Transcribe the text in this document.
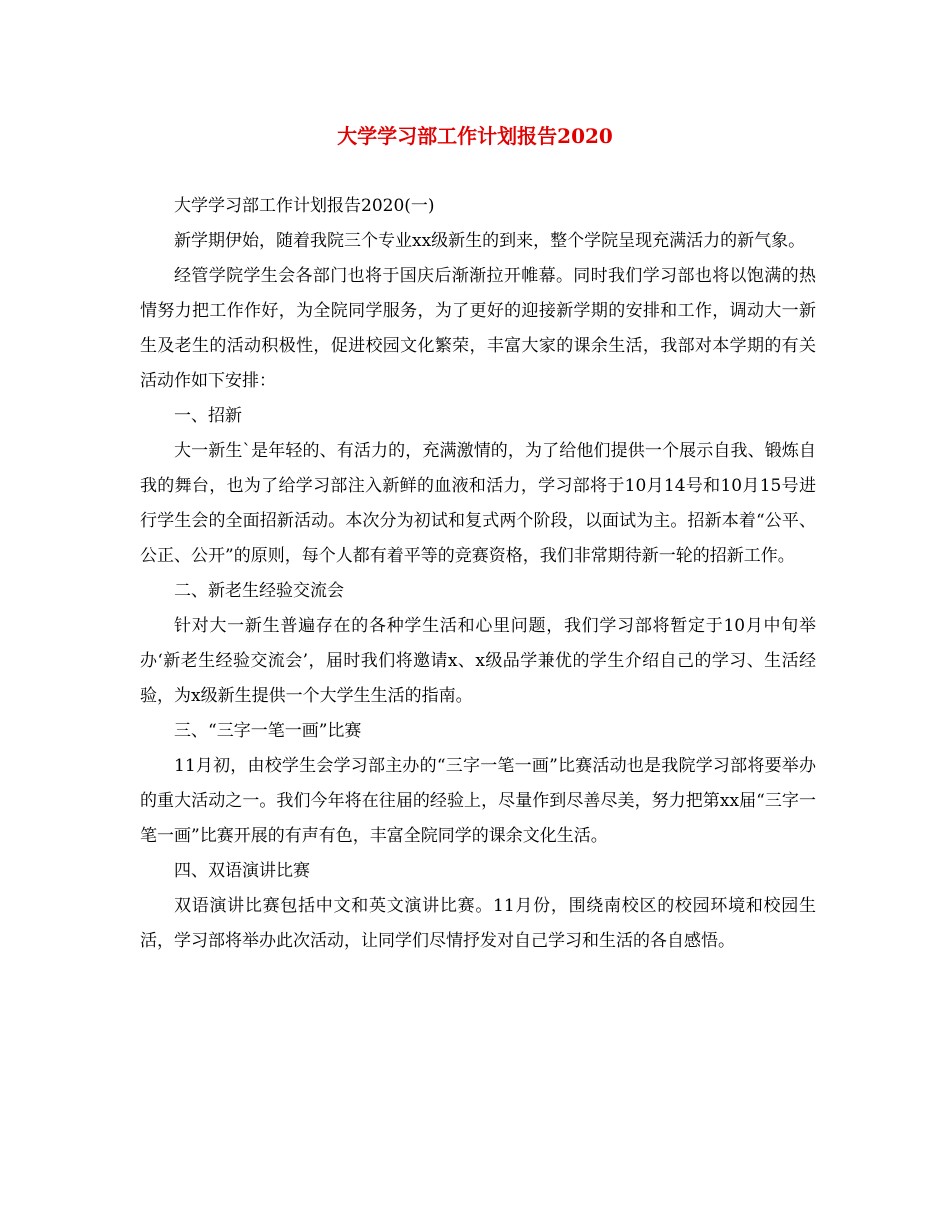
大学学习部工作计划报告2020

大学学习部工作计划报告2020(一)

新学期伊始，随着我院三个专业xx级新生的到来，整个学院呈现充满活力的新气象。

经管学院学生会各部门也将于国庆后渐渐拉开帷幕。同时我们学习部也将以饱满的热情努力把工作作好，为全院同学服务，为了更好的迎接新学期的安排和工作，调动大一新生及老生的活动积极性，促进校园文化繁荣，丰富大家的课余生活，我部对本学期的有关活动作如下安排：

一、招新

大一新生`是年轻的、有活力的，充满激情的，为了给他们提供一个展示自我、锻炼自我的舞台，也为了给学习部注入新鲜的血液和活力，学习部将于10月14号和10月15号进行学生会的全面招新活动。本次分为初试和复式两个阶段，以面试为主。招新本着“公平、公正、公开”的原则，每个人都有着平等的竞赛资格，我们非常期待新一轮的招新工作。

二、新老生经验交流会

针对大一新生普遍存在的各种学生活和心里问题，我们学习部将暂定于10月中旬举办‘新老生经验交流会’，届时我们将邀请x、x级品学兼优的学生介绍自己的学习、生活经验，为x级新生提供一个大学生生活的指南。

三、“三字一笔一画”比赛

11月初，由校学生会学习部主办的“三字一笔一画”比赛活动也是我院学习部将要举办的重大活动之一。我们今年将在往届的经验上，尽量作到尽善尽美，努力把第xx届“三字一笔一画”比赛开展的有声有色，丰富全院同学的课余文化生活。

四、双语演讲比赛

双语演讲比赛包括中文和英文演讲比赛。11月份，围绕南校区的校园环境和校园生活，学习部将举办此次活动，让同学们尽情抒发对自己学习和生活的各自感悟。
